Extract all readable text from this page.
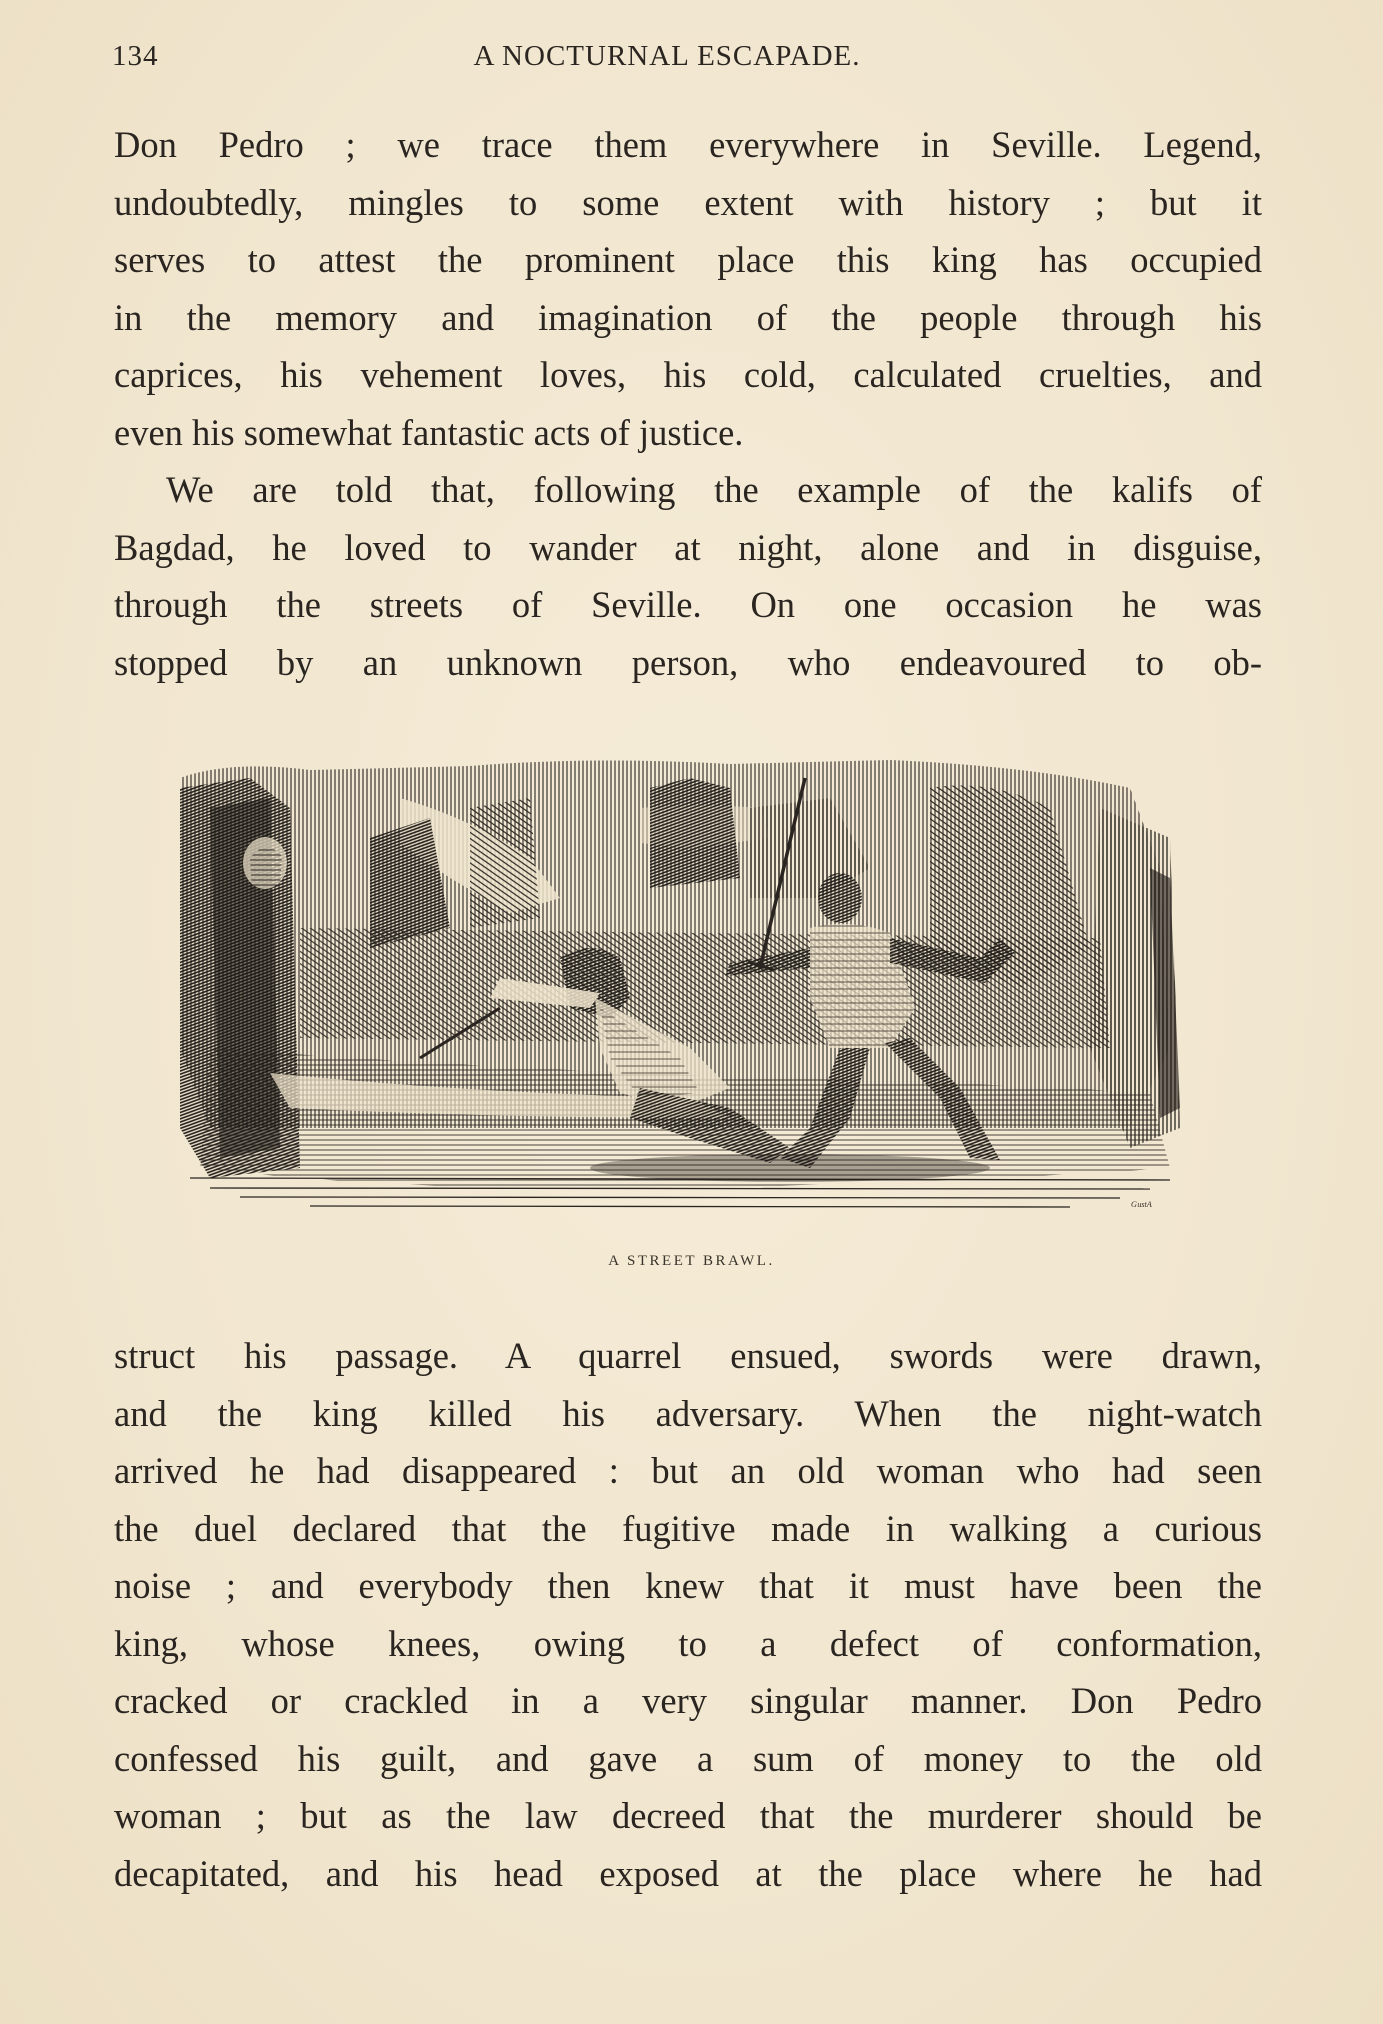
134	A NOCTURNAL ESCAPADE.
Don Pedro ; we trace them everywhere in Seville. Legend,
undoubtedly, mingles to some extent with history ; but it
serves to attest the prominent place this king has occupied
in the memory and imagination of the people through his
caprices, his vehement loves, his cold, calculated cruelties, and
even his somewhat fantastic acts of justice.
We are told that, following the example of the kalifs of
Bagdad, he loved to wander at night, alone and in disguise,
through the streets of Seville. On one occasion he was
stopped by an unknown person, who endeavoured to ob-
ᴳᵘˢᵗᴬ
A STREET BRAWL.
struct his passage. A quarrel ensued, swords were drawn,
and the king killed his adversary. When the night-watch
arrived he had disappeared : but an old woman who had seen
the duel declared that the fugitive made in walking a curious
noise ; and everybody then knew that it must have been the
king, whose knees, owing to a defect of conformation,
cracked or crackled in a very singular manner. Don Pedro
confessed his guilt, and gave a sum of money to the old
woman ; but as the law decreed that the murderer should be
decapitated, and his head exposed at the place where he had
